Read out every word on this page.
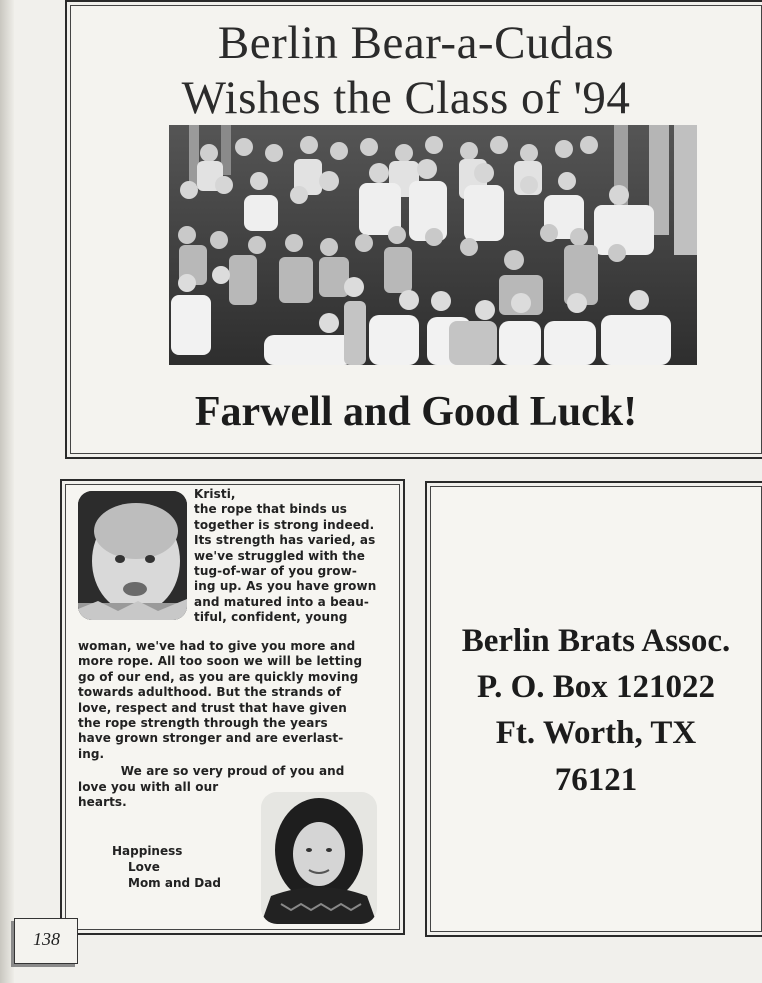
Berlin Bear-a-Cudas
Wishes the Class of '94
Farwell and Good Luck!

Kristi,
the rope that binds us
together is strong indeed.
Its strength has varied, as
we've struggled with the
tug-of-war of you grow-
ing up. As you have grown
and matured into a beau-
tiful, confident, young

woman, we've had to give you more and
more rope. All too soon we will be letting
go of our end, as you are quickly moving
towards adulthood. But the strands of
love, respect and trust that have given
the rope strength through the years
have grown stronger and are everlast-
ing.

We are so very proud of you and

love you with all our
hearts.

Happiness

Love

Mom and Dad

Berlin Brats Assoc.

P. O. Box 121022

Ft. Worth, TX

76121

138
